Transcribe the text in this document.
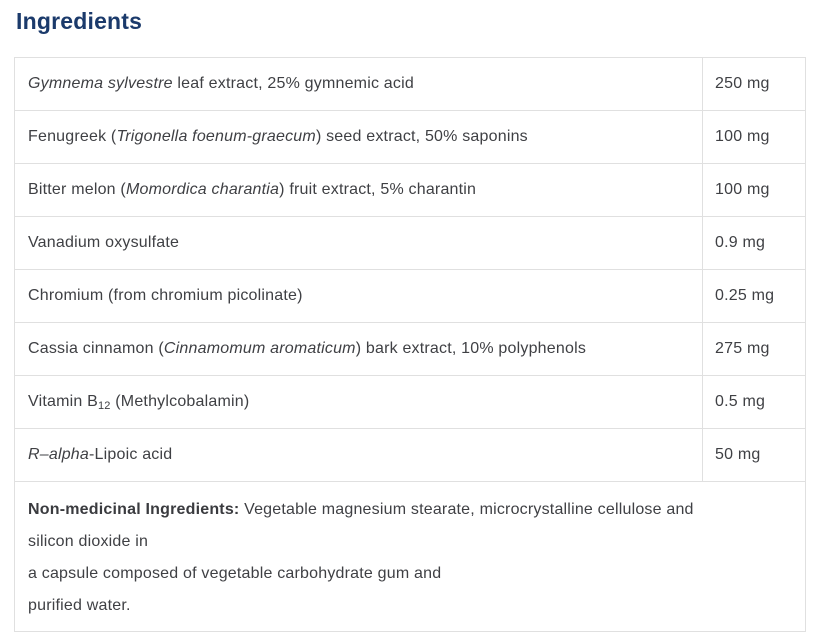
Ingredients
Gymnema sylvestre leaf extract, 25% gymnemic acid	250 mg
Fenugreek (Trigonella foenum-graecum) seed extract, 50% saponins	100 mg
Bitter melon (Momordica charantia) fruit extract, 5% charantin	100 mg
Vanadium oxysulfate	0.9 mg
Chromium (from chromium picolinate)	0.25 mg
Cassia cinnamon (Cinnamomum aromaticum) bark extract, 10% polyphenols	275 mg
Vitamin $B_{12}$ (Methylcobalamin)	0.5 mg
R–alpha-Lipoic acid	50 mg
Non-medicinal Ingredients: Vegetable magnesium stearate, microcrystalline cellulose and
silicon dioxide in
a capsule composed of vegetable carbohydrate gum and
purified water.
